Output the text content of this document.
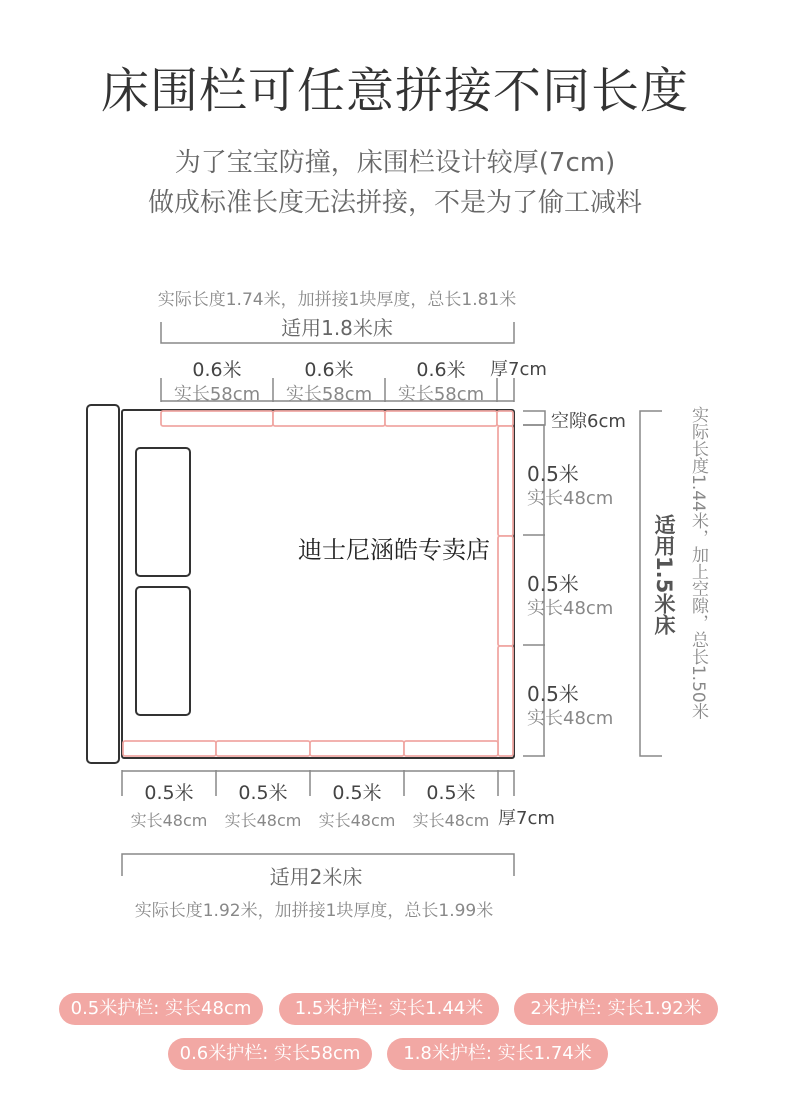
床围栏可任意拼接不同长度
为了宝宝防撞，床围栏设计较厚(7cm)
做成标准长度无法拼接，不是为了偷工减料
实际长度1.74米，加拼接1块厚度，总长1.81米
适用1.8米床
0.6米	0.6米	0.6米 厚7cm
实长58cm 实长58cm 实长58cm
空隙6cm
0.5米
实长48cm
0.5米
实长48cm
0.5米
实长48cm
适用1.5米床 实际长度1.44米，加上空隙，总长1.50米
迪士尼涵皓专卖店
0.5米 0.5米 0.5米 0.5米
实长48cm 实长48cm 实长48cm 实长48cm 厚7cm
适用2米床
实际长度1.92米，加拼接1块厚度，总长1.99米
0.5米护栏: 实长48cm	1.5米护栏: 实长1.44米	2米护栏: 实长1.92米
0.6米护栏: 实长58cm	1.8米护栏: 实长1.74米
